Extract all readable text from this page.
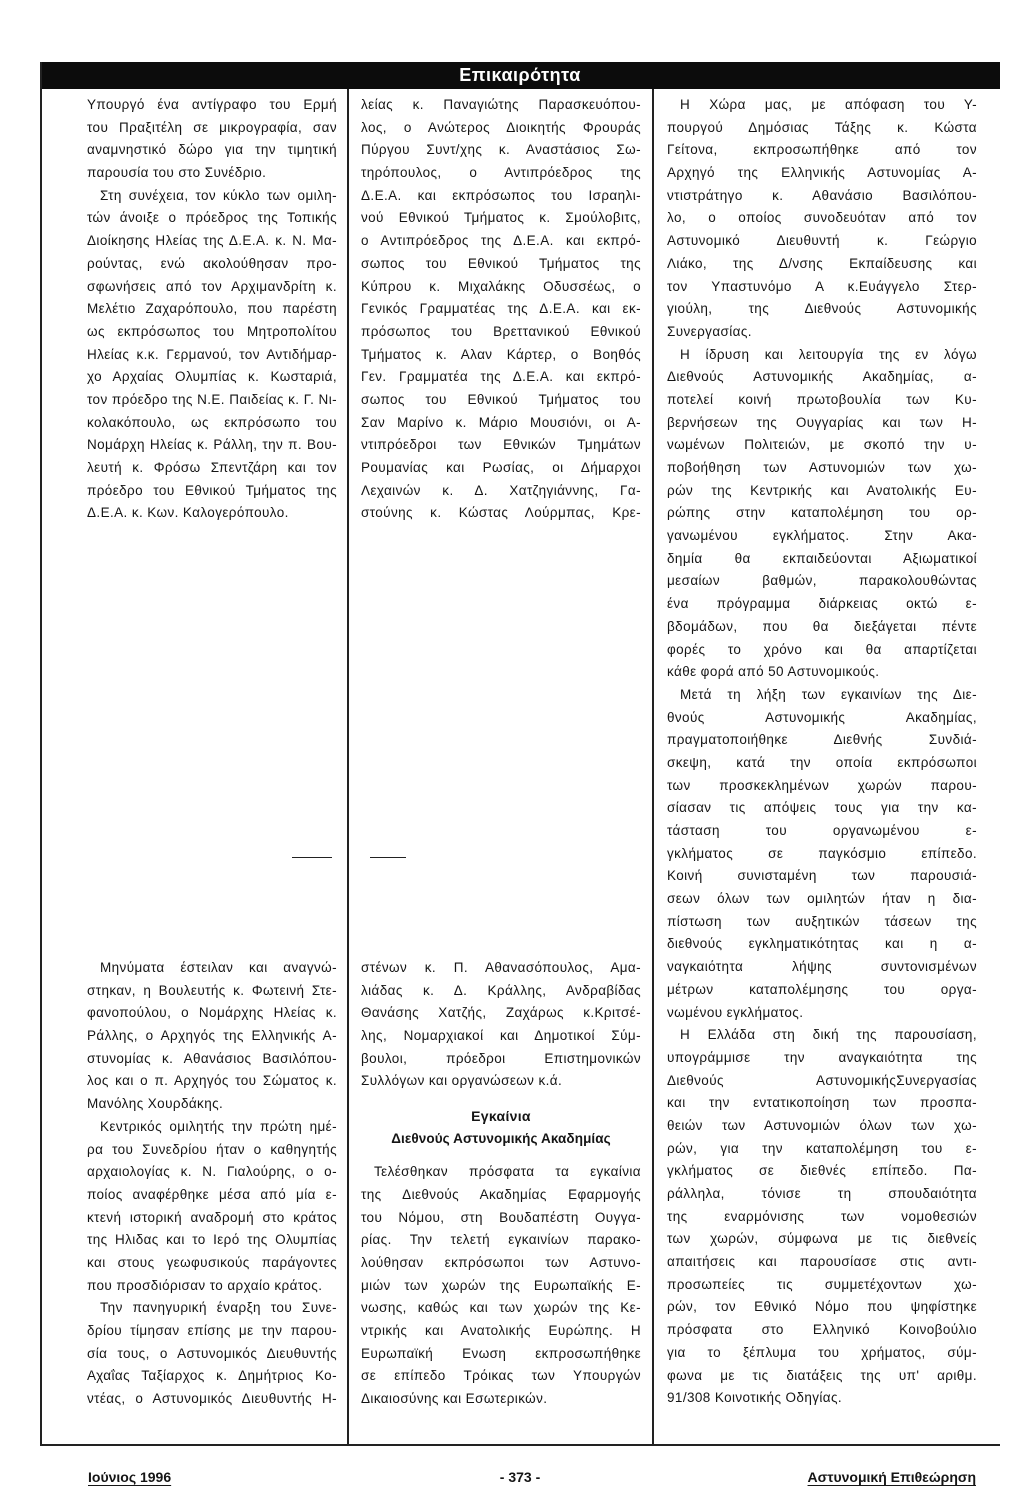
Επικαιρότητα
Υπουργό ένα αντίγραφο του Ερμή
του Πραξιτέλη σε μικρογραφία, σαν
αναμνηστικό δώρο για την τιμητική
παρουσία του στο Συνέδριο.
Στη συνέχεια, τον κύκλο των ομιλη-
τών άνοιξε ο πρόεδρος της Τοπικής
Διοίκησης Ηλείας της Δ.Ε.Α. κ. Ν. Μα-
ρούντας, ενώ ακολούθησαν προ-
σφωνήσεις από τον Αρχιμανδρίτη κ.
Μελέτιο Ζαχαρόπουλο, που παρέστη
ως εκπρόσωπος του Μητροπολίτου
Ηλείας κ.κ. Γερμανού, τον Αντιδήμαρ-
χο Αρχαίας Ολυμπίας κ. Κωσταριά,
τον πρόεδρο της Ν.Ε. Παιδείας κ. Γ. Νι-
κολακόπουλο, ως εκπρόσωπο του
Νομάρχη Ηλείας κ. Ράλλη, την π. Βου-
λευτή κ. Φρόσω Σπεντζάρη και τον
πρόεδρο του Εθνικού Τμήματος της
Δ.Ε.Α. κ. Κων. Καλογερόπουλο.
Μηνύματα έστειλαν και αναγνώ-
στηκαν, η Βουλευτής κ. Φωτεινή Στε-
φανοπούλου, ο Νομάρχης Ηλείας κ.
Ράλλης, ο Αρχηγός της Ελληνικής Α-
στυνομίας κ. Αθανάσιος Βασιλόπου-
λος και ο π. Αρχηγός του Σώματος κ.
Μανόλης Χουρδάκης.
Κεντρικός ομιλητής την πρώτη ημέ-
ρα του Συνεδρίου ήταν ο καθηγητής
αρχαιολογίας κ. Ν. Γιαλούρης, ο ο-
ποίος αναφέρθηκε μέσα από μία ε-
κτενή ιστορική αναδρομή στο κράτος
της Ηλιδας και το Ιερό της Ολυμπίας
και στους γεωφυσικούς παράγοντες
που προσδιόρισαν το αρχαίο κράτος.
Την πανηγυρική έναρξη του Συνε-
δρίου τίμησαν επίσης με την παρου-
σία τους, ο Αστυνομικός Διευθυντής
Αχαΐας Ταξίαρχος κ. Δημήτριος Κο-
ντέας, ο Αστυνομικός Διευθυντής Η-
λείας κ. Παναγιώτης Παρασκευόπου-
λος, ο Ανώτερος Διοικητής Φρουράς
Πύργου Συντ/χης κ. Αναστάσιος Σω-
τηρόπουλος, ο Αντιπρόεδρος της
Δ.Ε.Α. και εκπρόσωπος του Ισραηλι-
νού Εθνικού Τμήματος κ. Σμούλοβιτς,
ο Αντιπρόεδρος της Δ.Ε.Α. και εκπρό-
σωπος του Εθνικού Τμήματος της
Κύπρου κ. Μιχαλάκης Οδυσσέως, ο
Γενικός Γραμματέας της Δ.Ε.Α. και εκ-
πρόσωπος του Βρεττανικού Εθνικού
Τμήματος κ. Αλαν Κάρτερ, ο Βοηθός
Γεν. Γραμματέα της Δ.Ε.Α. και εκπρό-
σωπος του Εθνικού Τμήματος του
Σαν Μαρίνο κ. Μάριο Μουσιόνι, οι Α-
ντιπρόεδροι των Εθνικών Τμημάτων
Ρουμανίας και Ρωσίας, οι Δήμαρχοι
Λεχαινών κ. Δ. Χατζηγιάννης, Γα-
στούνης κ. Κώστας Λούρμπας, Κρε-
στένων κ. Π. Αθανασόπουλος, Αμα-
λιάδας κ. Δ. Κράλλης, Ανδραβίδας
Θανάσης Χατζής, Ζαχάρως κ.Κριτσέ-
λης, Νομαρχιακοί και Δημοτικοί Σύμ-
βουλοι, πρόεδροι Επιστημονικών
Συλλόγων και οργανώσεων κ.ά.
Εγκαίνια
Διεθνούς Αστυνομικής Ακαδημίας
Τελέσθηκαν πρόσφατα τα εγκαίνια
της Διεθνούς Ακαδημίας Εφαρμογής
του Νόμου, στη Βουδαπέστη Ουγγα-
ρίας. Την τελετή εγκαινίων παρακο-
λούθησαν εκπρόσωποι των Αστυνο-
μιών των χωρών της Ευρωπαϊκής Ε-
νωσης, καθώς και των χωρών της Κε-
ντρικής και Ανατολικής Ευρώπης. Η
Ευρωπαϊκή Ενωση εκπροσωπήθηκε
σε επίπεδο Τρόικας των Υπουργών
Δικαιοσύνης και Εσωτερικών.
Η Χώρα μας, με απόφαση του Υ-
πουργού Δημόσιας Τάξης κ. Κώστα
Γείτονα, εκπροσωπήθηκε από τον
Αρχηγό της Ελληνικής Αστυνομίας Α-
ντιστράτηγο κ. Αθανάσιο Βασιλόπου-
λο, ο οποίος συνοδευόταν από τον
Αστυνομικό Διευθυντή κ. Γεώργιο
Λιάκο, της Δ/νσης Εκπαίδευσης και
τον Υπαστυνόμο Α κ.Ευάγγελο Στερ-
γιούλη, της Διεθνούς Αστυνομικής
Συνεργασίας.
Η ίδρυση και λειτουργία της εν λόγω
Διεθνούς Αστυνομικής Ακαδημίας, α-
ποτελεί κοινή πρωτοβουλία των Κυ-
βερνήσεων της Ουγγαρίας και των Η-
νωμένων Πολιτειών, με σκοπό την υ-
ποβοήθηση των Αστυνομιών των χω-
ρών της Κεντρικής και Ανατολικής Ευ-
ρώπης στην καταπολέμηση του ορ-
γανωμένου εγκλήματος. Στην Ακα-
δημία θα εκπαιδεύονται Αξιωματικοί
μεσαίων βαθμών, παρακολουθώντας
ένα πρόγραμμα διάρκειας οκτώ ε-
βδομάδων, που θα διεξάγεται πέντε
φορές το χρόνο και θα απαρτίζεται
κάθε φορά από 50 Αστυνομικούς.
Μετά τη λήξη των εγκαινίων της Διε-
θνούς Αστυνομικής Ακαδημίας,
πραγματοποιήθηκε Διεθνής Συνδιά-
σκεψη, κατά την οποία εκπρόσωποι
των προσκεκλημένων χωρών παρου-
σίασαν τις απόψεις τους για την κα-
τάσταση του οργανωμένου ε-
γκλήματος σε παγκόσμιο επίπεδο.
Κοινή συνισταμένη των παρουσιά-
σεων όλων των ομιλητών ήταν η δια-
πίστωση των αυξητικών τάσεων της
διεθνούς εγκληματικότητας και η α-
ναγκαιότητα λήψης συντονισμένων
μέτρων καταπολέμησης του οργα-
νωμένου εγκλήματος.
Η Ελλάδα στη δική της παρουσίαση,
υπογράμμισε την αναγκαιότητα της
Διεθνούς ΑστυνομικήςΣυνεργασίας
και την εντατικοποίηση των προσπα-
θειών των Αστυνομιών όλων των χω-
ρών, για την καταπολέμηση του ε-
γκλήματος σε διεθνές επίπεδο. Πα-
ράλληλα, τόνισε τη σπουδαιότητα
της εναρμόνισης των νομοθεσιών
των χωρών, σύμφωνα με τις διεθνείς
απαιτήσεις και παρουσίασε στις αντι-
προσωπείες τις συμμετέχοντων χω-
ρών, τον Εθνικό Νόμο που ψηφίστηκε
πρόσφατα στο Ελληνικό Κοινοβούλιο
για το ξέπλυμα του χρήματος, σύμ-
φωνα με τις διατάξεις της υπ' αριθμ.
91/308 Κοινοτικής Οδηγίας.
Ιούνιος 1996	- 373 -	Αστυνομική Επιθεώρηση
